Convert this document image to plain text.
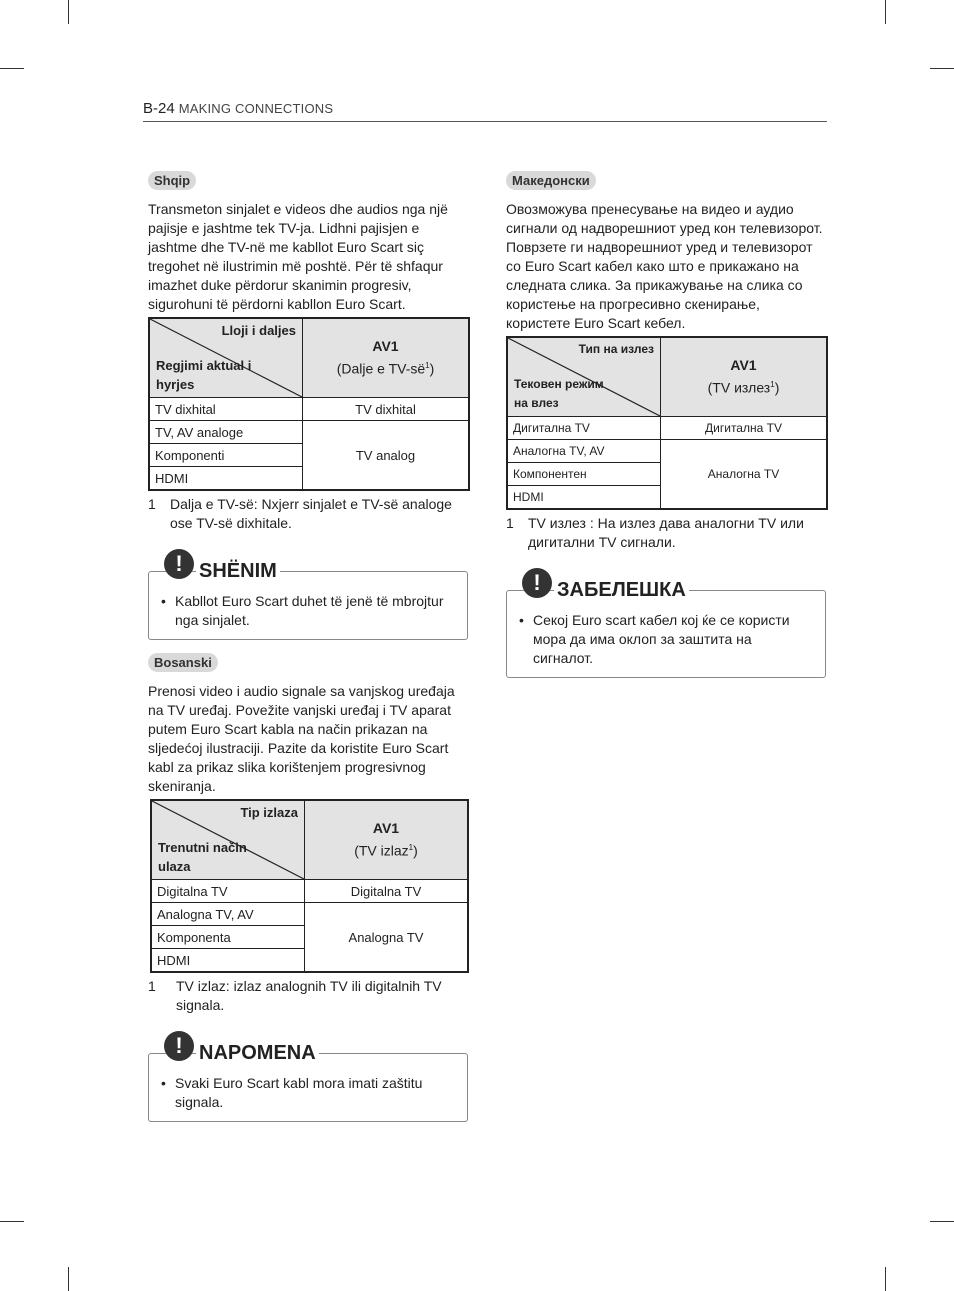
B-24 MAKING CONNECTIONS
Shqip

Transmeton sinjalet e videos dhe audios nga një pajisje e jashtme tek TV-ja. Lidhni pajisjen e jashtme dhe TV-në me kabllot Euro Scart siç tregohet në ilustrimin më poshtë. Për të shfaqur imazhet duke përdorur skanimin progresiv, sigurohuni të përdorni kabllon Euro Scart.

Lloji i daljes
Regjimi aktual i hyrjes	AV1
(Dalje e $TV-së^1$)
TV dixhital	TV dixhital
TV, AV analoge	TV analog
Komponenti	
HDMI	
1	Dalja e TV-së: Nxjerr sinjalet e TV-së analoge ose TV-së dixhitale.
! SHËNIM
• Kabllot Euro Scart duhet të jenë të mbrojtur nga sinjalet.
Bosanski

Prenosi video i audio signale sa vanjskog uređaja na TV uređaj. Povežite vanjski uređaj i TV aparat putem Euro Scart kabla na način prikazan na sljedećoj ilustraciji. Pazite da koristite Euro Scart kabl za prikaz slika korištenjem progresivnog skeniranja.

Tip izlaza
Trenutni način ulaza	AV1
(TV izlaz$^1$)
Digitalna TV	Digitalna TV
Analogna TV, AV	Analogna TV
Komponenta	
HDMI	
1	TV izlaz: izlaz analognih TV ili digitalnih TV signala.
! NAPOMENA
• Svaki Euro Scart kabl mora imati zaštitu signala.
Македонски

Овозможува пренесување на видео и аудио сигнали од надворешниот уред кон телевизорот. Поврзете ги надворешниот уред и телевизорот со Euro Scart кабел како што е прикажано на следната слика. За прикажување на слика со користење на прогресивно скенирање, користете Euro Scart кебел.

Тип на излез
Тековен режим на влез	AV1
(TV излез$^1$)
Дигитална TV	Дигитална TV
Аналогна TV, AV	Аналогна TV
Компонентен	
HDMI	
1	TV излез : На излез дава аналогни TV или дигитални TV сигнали.
! ЗАБЕЛЕШКА
• Секој Euro scart кабел кој ќе се користи мора да има оклоп за заштита на сигналот.
